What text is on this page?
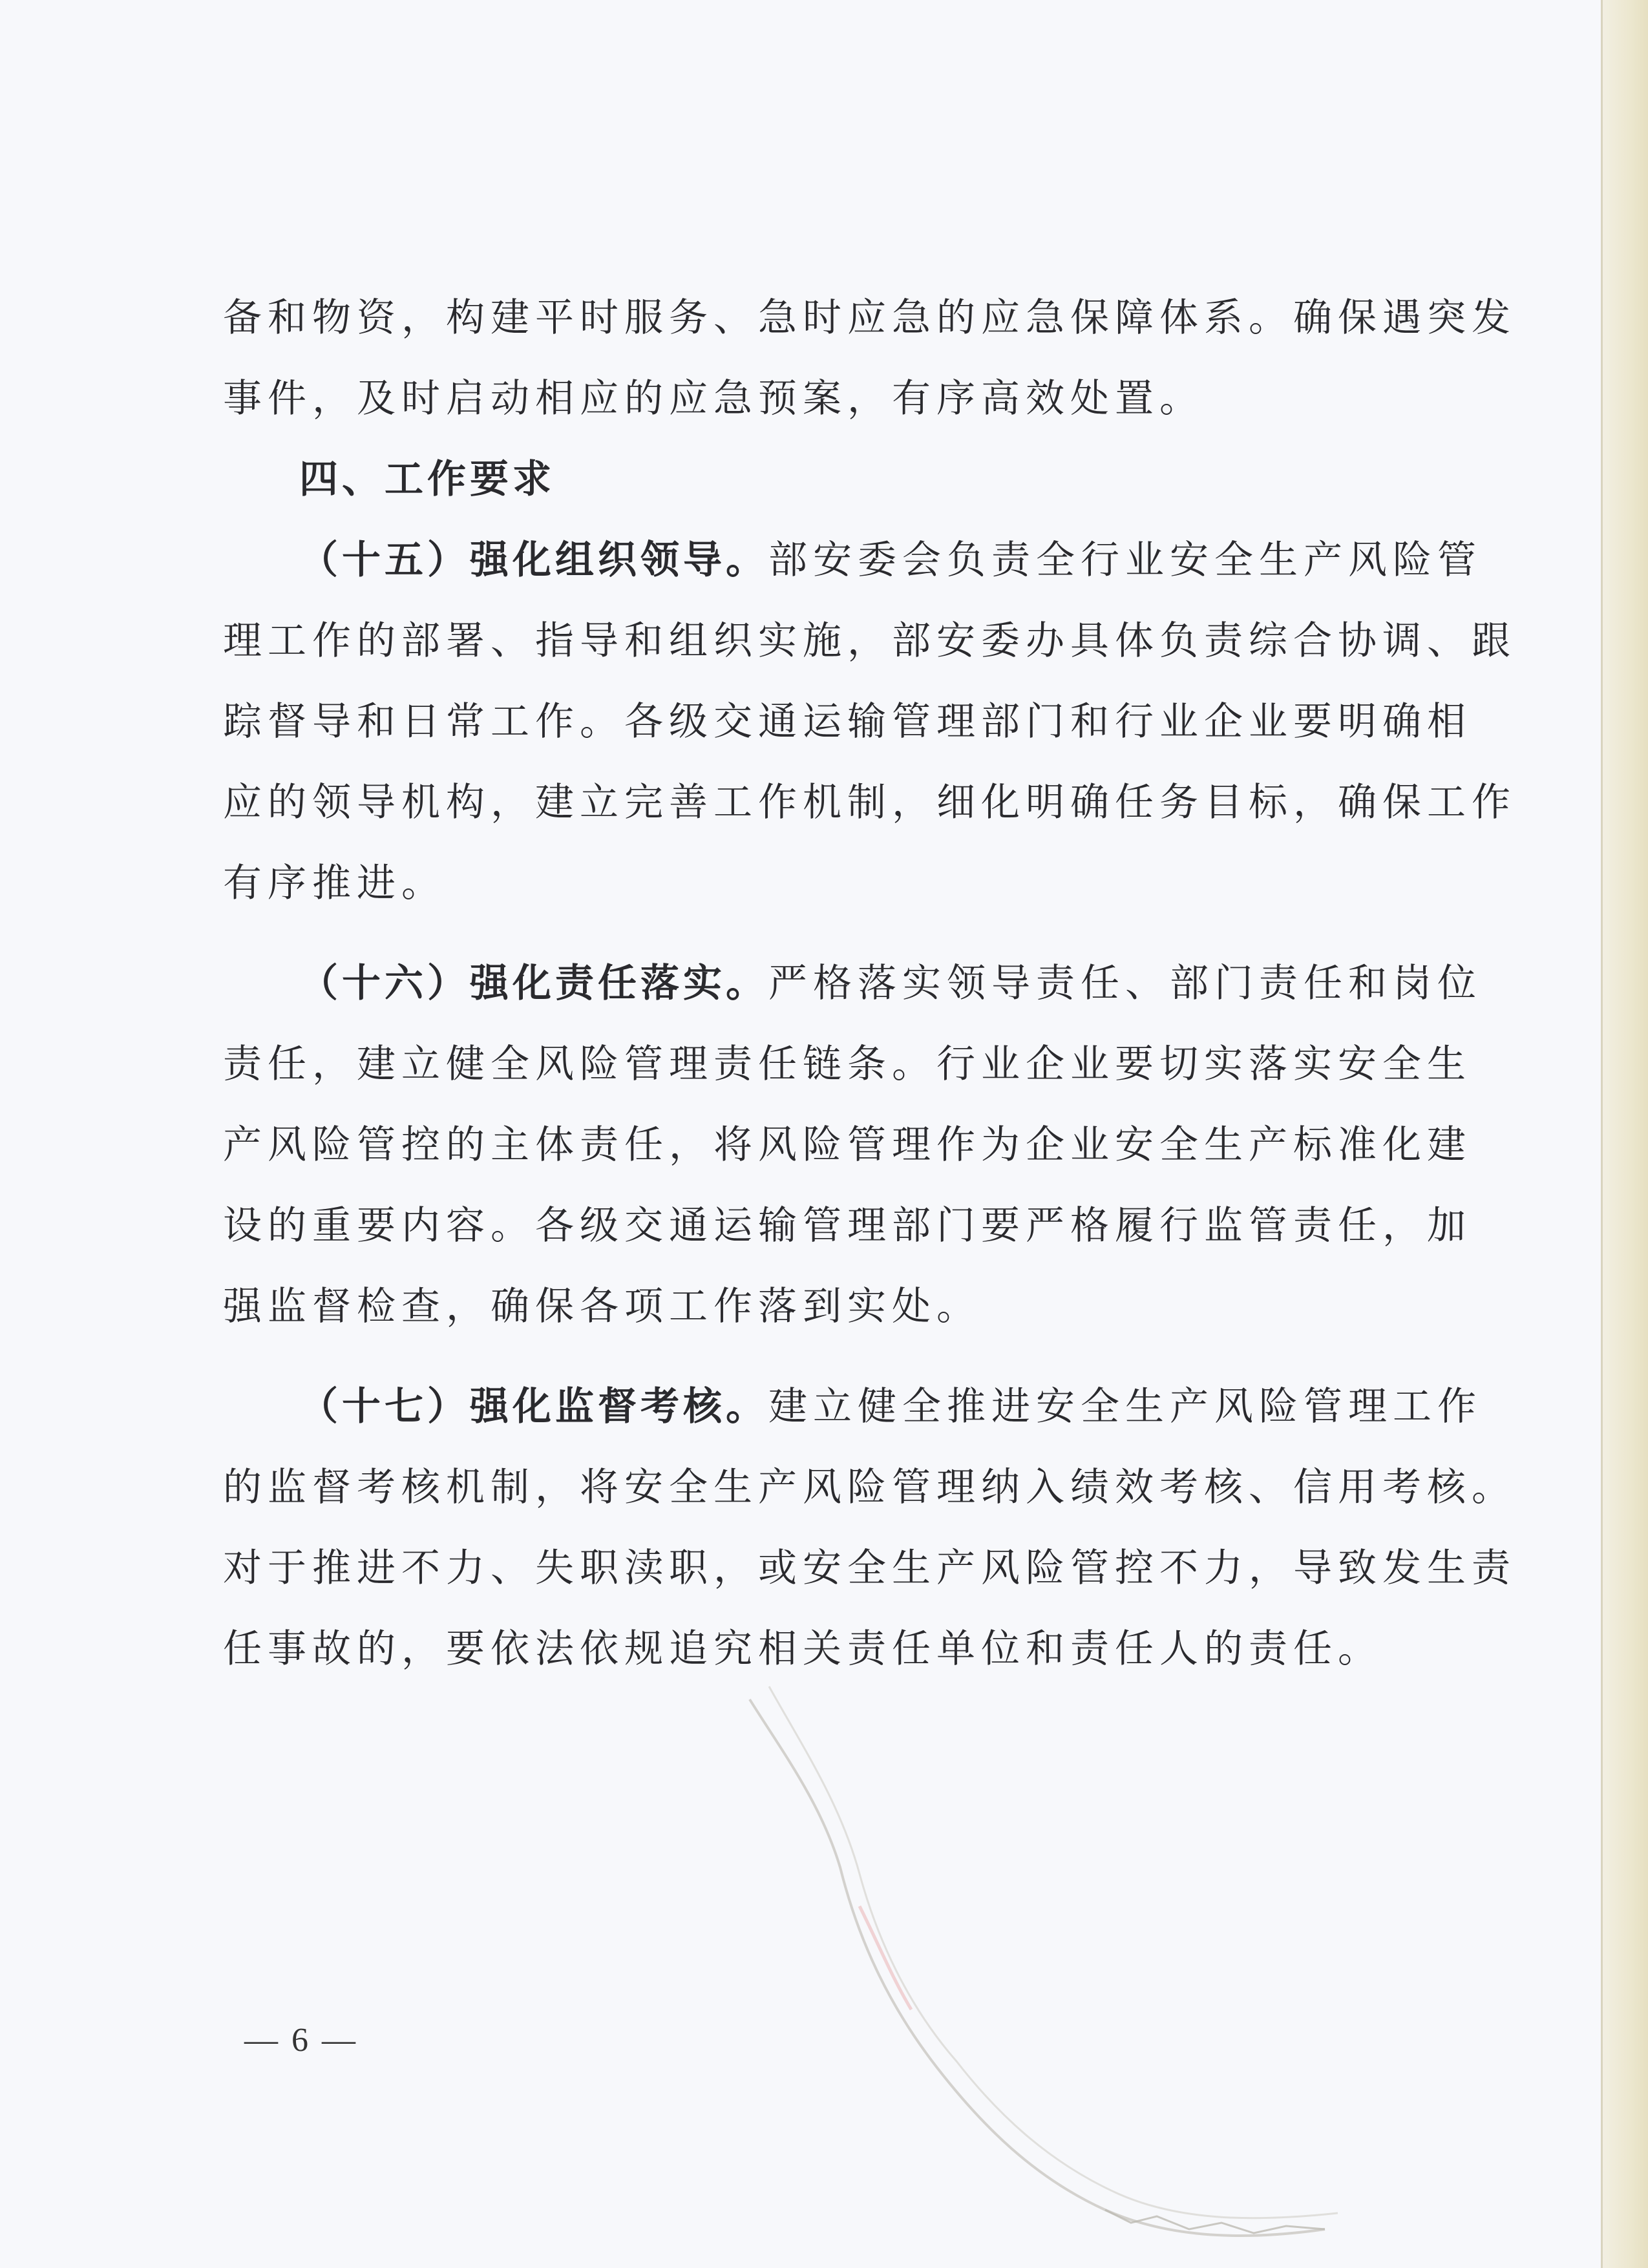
备和物资，构建平时服务、急时应急的应急保障体系。确保遇突发
事件，及时启动相应的应急预案，有序高效处置。
四、工作要求
（十五）强化组织领导。部安委会负责全行业安全生产风险管
理工作的部署、指导和组织实施，部安委办具体负责综合协调、跟
踪督导和日常工作。各级交通运输管理部门和行业企业要明确相
应的领导机构，建立完善工作机制，细化明确任务目标，确保工作
有序推进。
（十六）强化责任落实。严格落实领导责任、部门责任和岗位
责任，建立健全风险管理责任链条。行业企业要切实落实安全生
产风险管控的主体责任，将风险管理作为企业安全生产标准化建
设的重要内容。各级交通运输管理部门要严格履行监管责任，加
强监督检查，确保各项工作落到实处。
（十七）强化监督考核。建立健全推进安全生产风险管理工作
的监督考核机制，将安全生产风险管理纳入绩效考核、信用考核。
对于推进不力、失职渎职，或安全生产风险管控不力，导致发生责
任事故的，要依法依规追究相关责任单位和责任人的责任。
— 6 —
